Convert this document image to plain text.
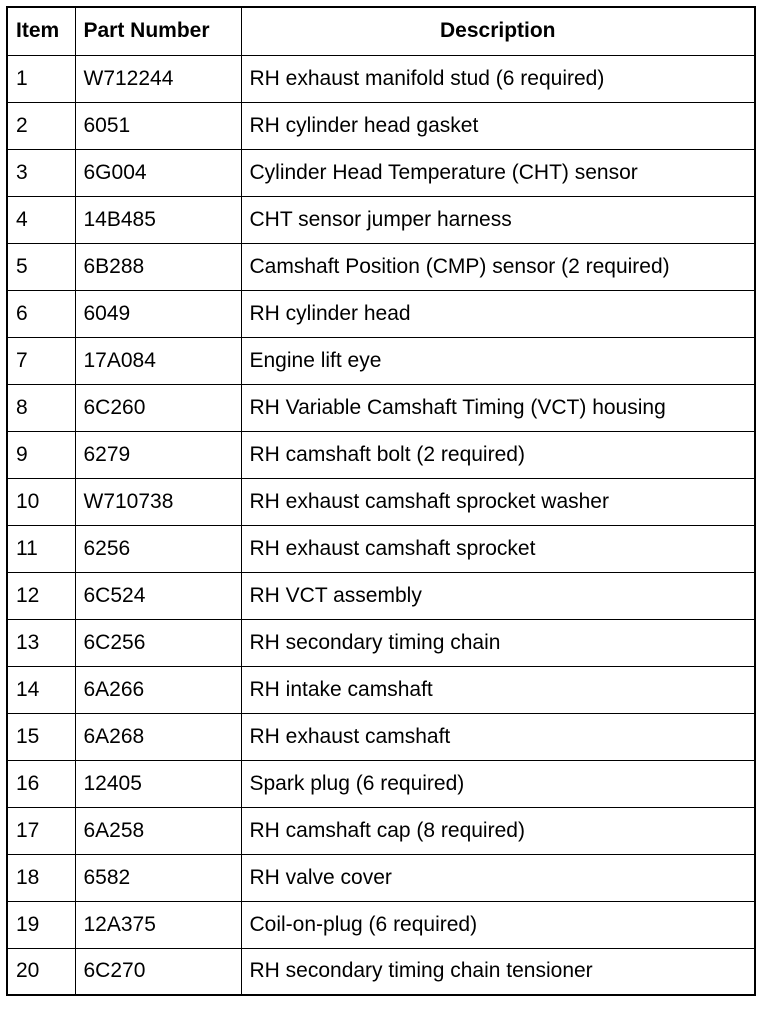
Item	Part Number	Description
1	W712244	RH exhaust manifold stud (6 required)
2	6051	RH cylinder head gasket
3	6G004	Cylinder Head Temperature (CHT) sensor
4	14B485	CHT sensor jumper harness
5	6B288	Camshaft Position (CMP) sensor (2 required)
6	6049	RH cylinder head
7	17A084	Engine lift eye
8	6C260	RH Variable Camshaft Timing (VCT) housing
9	6279	RH camshaft bolt (2 required)
10	W710738	RH exhaust camshaft sprocket washer
11	6256	RH exhaust camshaft sprocket
12	6C524	RH VCT assembly
13	6C256	RH secondary timing chain
14	6A266	RH intake camshaft
15	6A268	RH exhaust camshaft
16	12405	Spark plug (6 required)
17	6A258	RH camshaft cap (8 required)
18	6582	RH valve cover
19	12A375	Coil-on-plug (6 required)
20	6C270	RH secondary timing chain tensioner
